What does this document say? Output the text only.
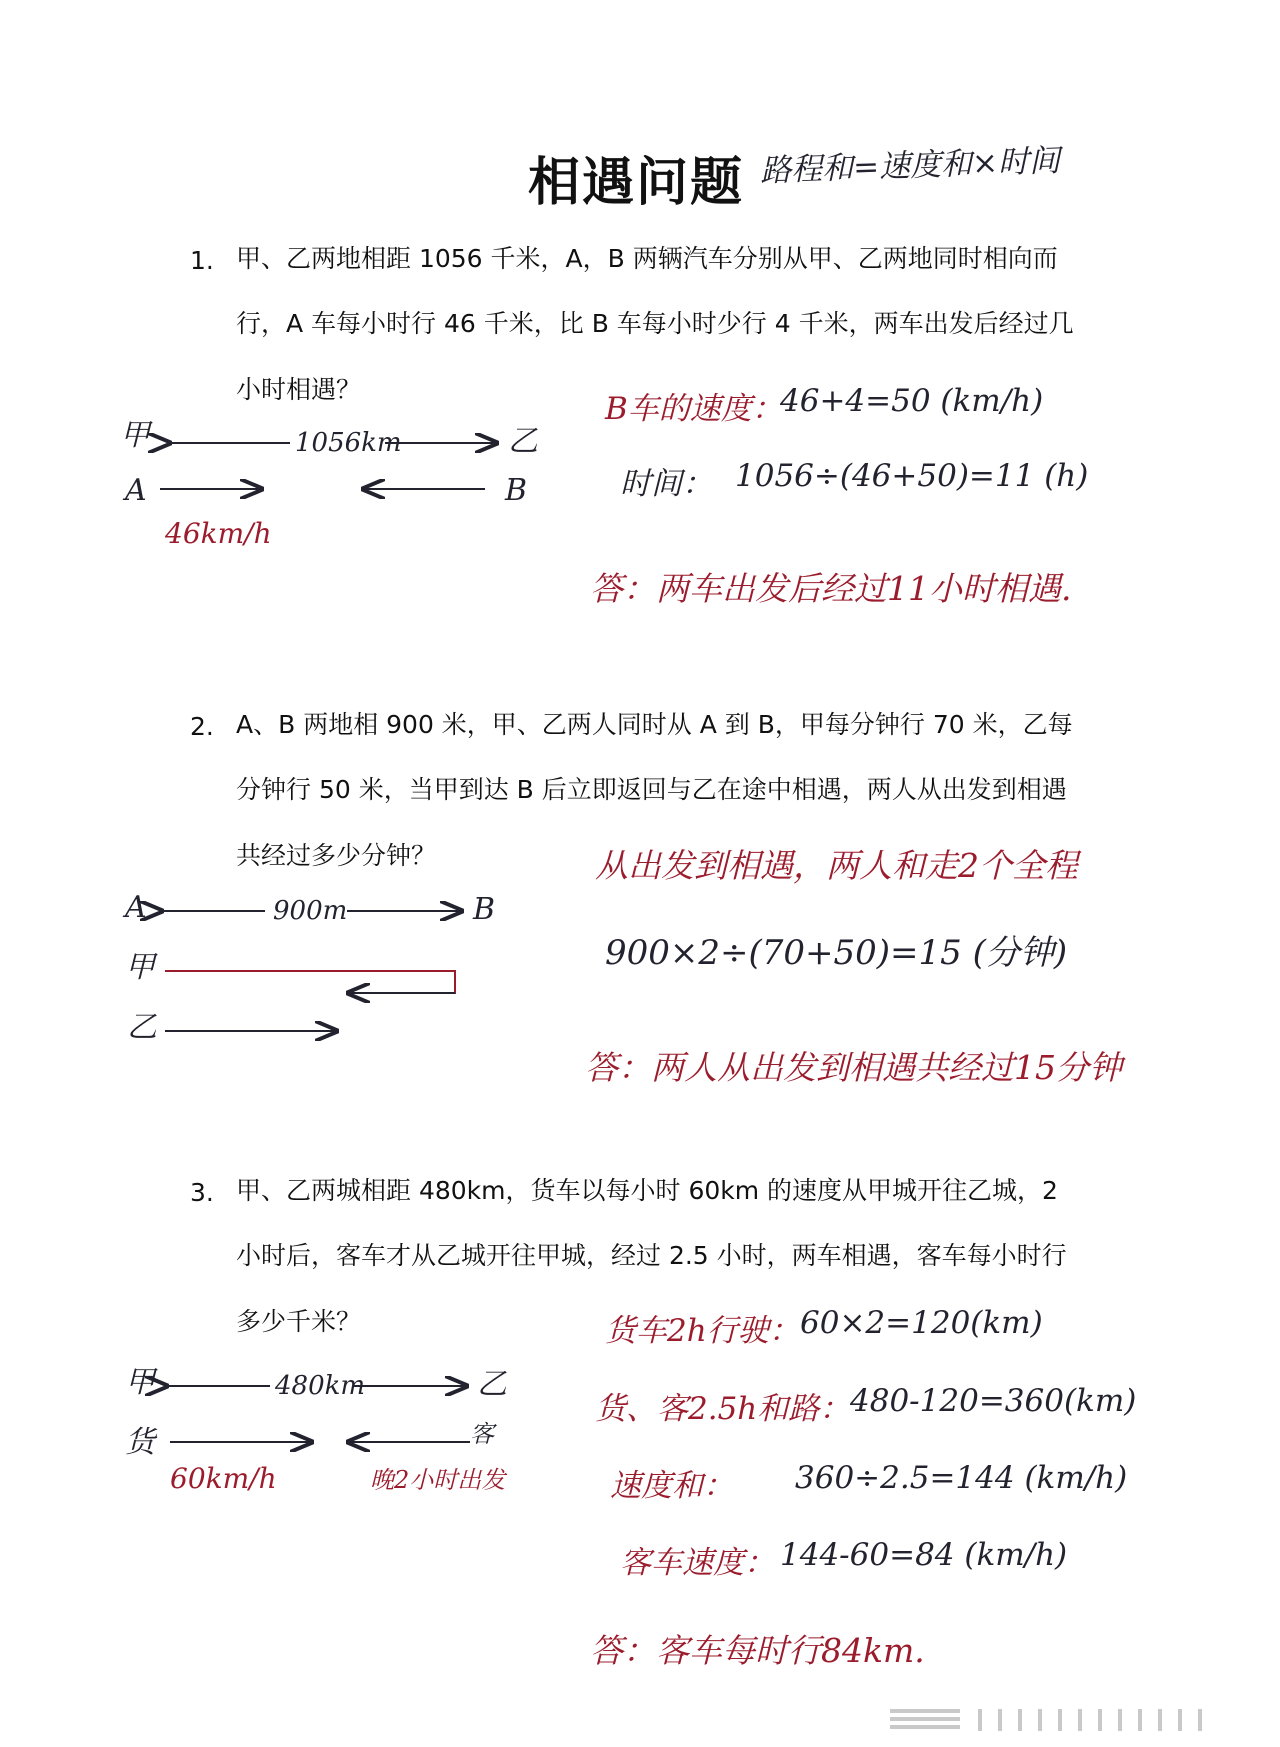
相遇问题 路程和=速度和×时间
1. 甲、乙两地相距 1056 千米，A，B 两辆汽车分别从甲、乙两地同时相向而
行，A 车每小时行 46 千米，比 B 车每小时少行 4 千米，两车出发后经过几
小时相遇？
甲	1056km	乙
A	B
46km/h
B车的速度：
46+4=50 (km/h)
时间： 1056÷(46+50)=11 (h)
答：两车出发后经过11小时相遇.
2. A、B 两地相 900 米，甲、乙两人同时从 A 到 B，甲每分钟行 70 米，乙每
分钟行 50 米，当甲到达 B 后立即返回与乙在途中相遇，两人从出发到相遇
共经过多少分钟？
A	900m	B
甲
乙
从出发到相遇，两人和走2个全程
900×2÷(70+50)=15 (分钟)
答：两人从出发到相遇共经过15分钟
3. 甲、乙两城相距 480km，货车以每小时 60km 的速度从甲城开往乙城，2
小时后，客车才从乙城开往甲城，经过 2.5 小时，两车相遇，客车每小时行
多少千米？
甲	480km	乙
货	客
60km/h	晚2小时出发
货车2h行驶： 60×2=120(km)
货、客2.5h和路： 480-120=360(km)
速度和： 360÷2.5=144 (km/h)
客车速度： 144-60=84 (km/h)
答：客车每时行84km.
